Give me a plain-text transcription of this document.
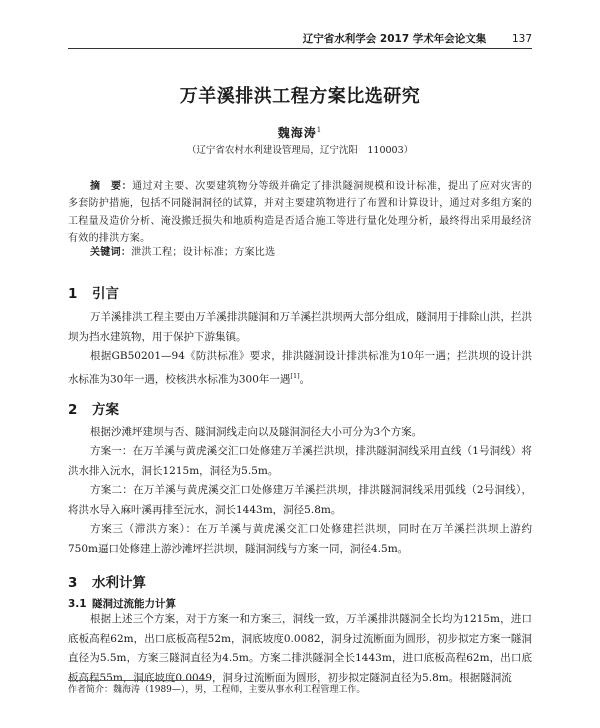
辽宁省水利学会 2017 学术年会论文集 137
万羊溪排洪工程方案比选研究
魏海涛$^1$
（辽宁省农村水利建设管理局，辽宁沈阳　110003）
摘　要：通过对主要、次要建筑物分等级并确定了排洪隧洞规模和设计标准，提出了应对灾害的多套防护措施，包括不同隧洞洞径的试算，并对主要建筑物进行了布置和计算设计，通过对多组方案的工程量及造价分析、淹没搬迁损失和地质构造是否适合施工等进行量化处理分析，最终得出采用最经济有效的排洪方案。
关键词：泄洪工程；设计标准；方案比选
1 引言
万羊溪排洪工程主要由万羊溪排洪隧洞和万羊溪拦洪坝两大部分组成，隧洞用于排除山洪，拦洪坝为挡水建筑物，用于保护下游集镇。
根据GB50201—94《防洪标准》要求，排洪隧洞设计排洪标准为10年一遇；拦洪坝的设计洪水标准为30年一遇，校核洪水标准为300年一遇[1]。
2 方案
根据沙滩坪建坝与否、隧洞洞线走向以及隧洞洞径大小可分为3个方案。
方案一：在万羊溪与黄虎溪交汇口处修建万羊溪拦洪坝，排洪隧洞洞线采用直线（1号洞线）将洪水排入沅水，洞长1215m，洞径为5.5m。
方案二：在万羊溪与黄虎溪交汇口处修建万羊溪拦洪坝，排洪隧洞洞线采用弧线（2号洞线），将洪水导入麻叶溪再排至沅水，洞长1443m，洞径5.8m。
方案三（滞洪方案）：在万羊溪与黄虎溪交汇口处修建拦洪坝，同时在万羊溪拦洪坝上游约750m逼口处修建上游沙滩坪拦洪坝，隧洞洞线与方案一同，洞径4.5m。
3 水利计算
3.1 隧洞过流能力计算
根据上述三个方案，对于方案一和方案三，洞线一致，万羊溪排洪隧洞全长均为1215m，进口底板高程62m，出口底板高程52m，洞底坡度0.0082，洞身过流断面为圆形，初步拟定方案一隧洞直径为5.5m，方案三隧洞直径为4.5m。方案二排洪隧洞全长1443m，进口底板高程62m，出口底板高程55m，洞底坡度0.0049，洞身过流断面为圆形，初步拟定隧洞直径为5.8m。根据隧洞流
作者简介：魏海涛（1989—），男，工程师，主要从事水利工程管理工作。
